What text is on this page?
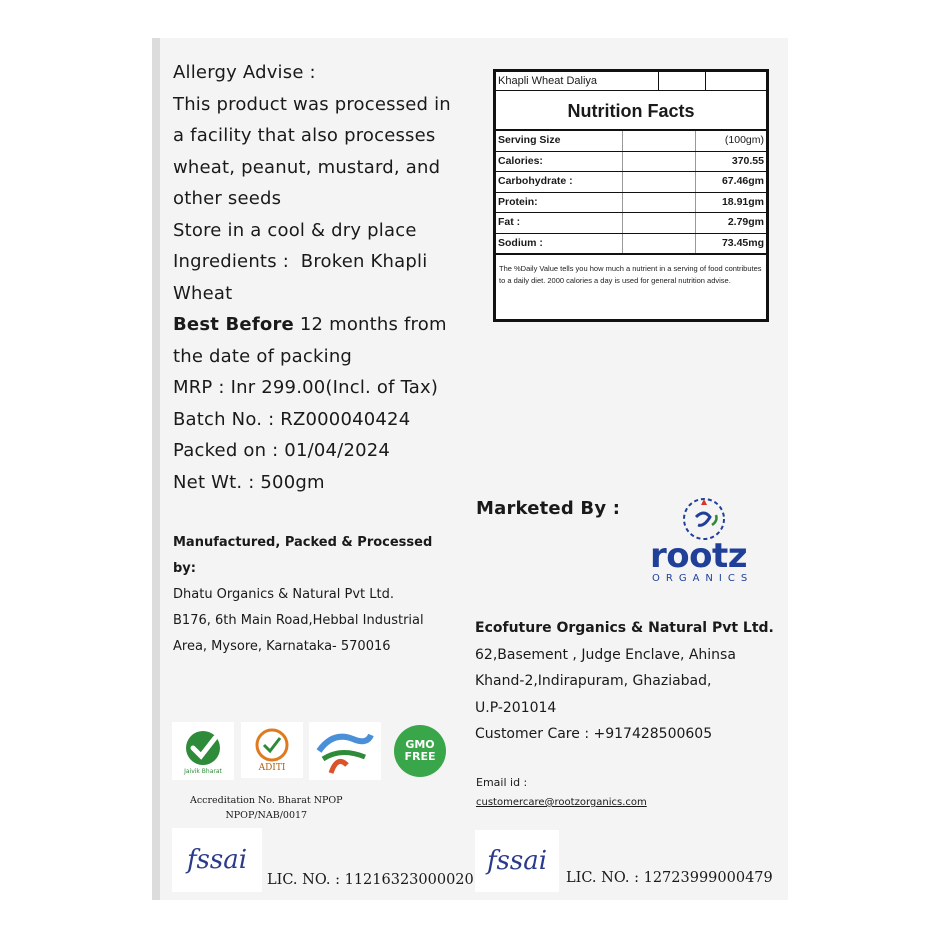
Allergy Advise :
This product was processed in
a facility that also processes
wheat, peanut, mustard, and
other seeds
Store in a cool & dry place
Ingredients : Broken Khapli
Wheat
Best Before 12 months from
the date of packing
MRP : Inr 299.00(Incl. of Tax)
Batch No. : RZ000040424
Packed on : 01/04/2024
Net Wt. : 500gm
Manufactured, Packed & Processed
by:
Dhatu Organics & Natural Pvt Ltd.
B176, 6th Main Road,Hebbal Industrial
Area, Mysore, Karnataka- 570016
Jaivik Bharat	ADITI
GMO
FREE
Accreditation No. Bharat NPOP
NPOP/NAB/0017
fssai
LIC. NO. : 11216323000020
Khapli Wheat Daliya
Nutrition Facts
Serving Size	(100gm)
Calories:	370.55
Carbohydrate :	67.46gm
Protein:	18.91gm
Fat :	2.79gm
Sodium :	73.45mg
The %Daily Value tells you how much a nutrient in a serving of food contributes to a daily diet. 2000 calories a day is used for general nutrition advise.
Marketed By :
rootz
ORGANICS
Ecofuture Organics & Natural Pvt Ltd.
62,Basement , Judge Enclave, Ahinsa
Khand-2,Indirapuram, Ghaziabad,
U.P-201014
Customer Care : +917428500605
Email id :
customercare@rootzorganics.com
fssai
LIC. NO. : 12723999000479
